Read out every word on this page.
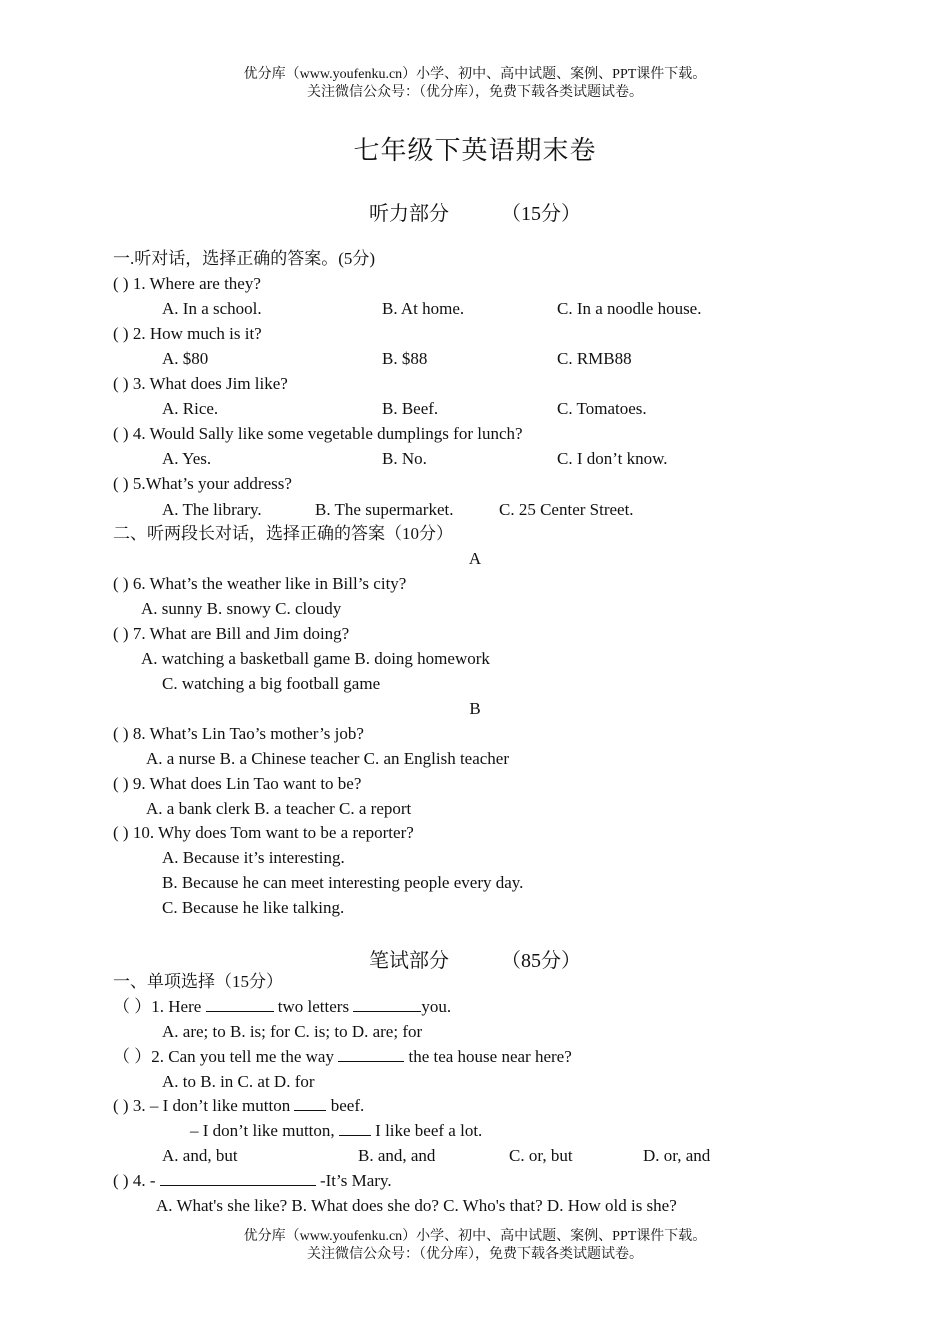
优分库（www.youfenku.cn）小学、初中、高中试题、案例、PPT课件下载。
关注微信公众号：（优分库），免费下载各类试题试卷。
七年级下英语期末卷
听力部分	（15分）
一.听对话，选择正确的答案。(5分)
( ) 1. Where are they?
A. In a school.	B. At home.	C. In a noodle house.
( ) 2. How much is it?
A. $80	B. $88	C. RMB88
( ) 3. What does Jim like?
A. Rice.	B. Beef.	C. Tomatoes.
( ) 4. Would Sally like some vegetable dumplings for lunch?
A. Yes.	B. No.	C. I don’t know.
( ) 5.What’s your address?
A. The library.	B. The supermarket.	C. 25 Center Street.
二、听两段长对话，选择正确的答案（10分）
A
( ) 6. What’s the weather like in Bill’s city?
A. sunny B. snowy C. cloudy
( ) 7. What are Bill and Jim doing?
A. watching a basketball game B. doing homework
C. watching a big football game
B
( ) 8. What’s Lin Tao’s mother’s job?
A. a nurse B. a Chinese teacher C. an English teacher
( ) 9. What does Lin Tao want to be?
A. a bank clerk B. a teacher C. a report
( ) 10. Why does Tom want to be a reporter?
A. Because it’s interesting.
B. Because he can meet interesting people every day.
C. Because he like talking.
笔试部分	（85分）
一、单项选择（15分）
（ ）1. Here	two letters	you.
A. are; to B. is; for C. is; to D. are; for
（ ）2. Can you tell me the way	the tea house near here?
A. to B. in C. at D. for
( ) 3. – I don’t like mutton  beef.
– I don’t like mutton,  I like beef a lot.
A. and, but	B. and, and	C. or, but	D. or, and
( ) 4. -	-It’s Mary.
A. What's she like? B. What does she do? C. Who's that? D. How old is she?
优分库（www.youfenku.cn）小学、初中、高中试题、案例、PPT课件下载。
关注微信公众号：（优分库），免费下载各类试题试卷。
